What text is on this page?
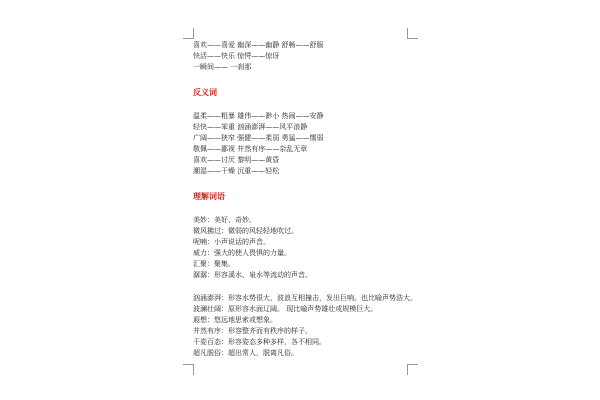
喜欢——喜爱 幽深——幽静 舒畅——舒服
快活——快乐 惊愕——惊讶
一瞬间—— 一刹那
反义词
温柔——粗暴 雄伟——渺小 热闹——安静
轻快——笨重 汹涌澎湃——风平浪静
广阔——狭窄 强健——柔弱 勇猛——懦弱
敬佩——鄙视 井然有序——杂乱无章
喜欢——讨厌 黎明——黄昏
潮湿——干燥 沉重——轻松
理解词语
美妙：美好、奇妙。
微风拂过：微弱的风轻轻地吹过。
呢喃：小声说话的声音。
威力：强大的使人畏惧的力量。
汇聚：聚集。
潺潺：形容溪水、泉水等流动的声音。
汹涌澎湃：形容水势很大，波浪互相撞击，发出巨响。也比喻声势浩大。
波澜壮阔：原形容水面辽阔。 现比喻声势雄壮或规模巨大。
遐想：悠远地思索或想象。
井然有序：形容整齐而有秩序的样子。
千姿百态：形容姿态多种多样，各不相同。
超凡脱俗：超出常人，脱离凡俗。
